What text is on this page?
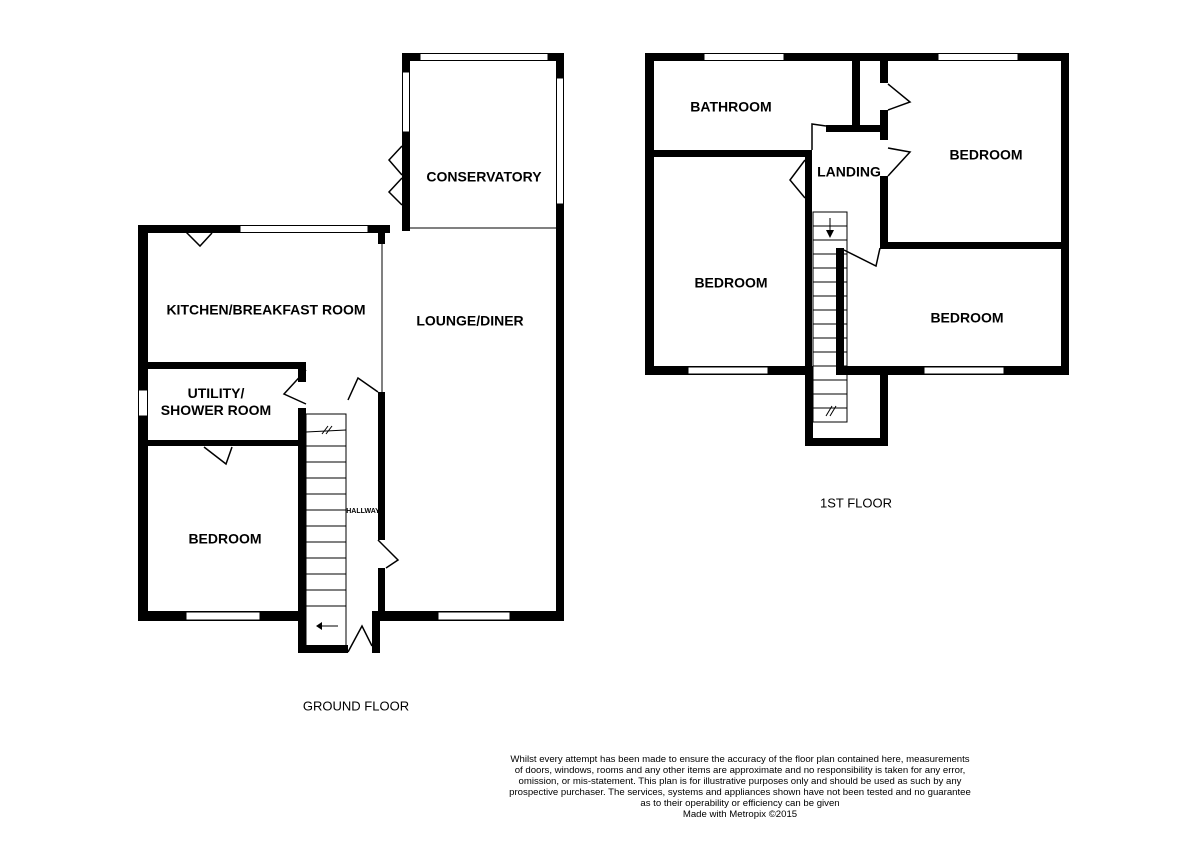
CONSERVATORY

KITCHEN/BREAKFAST ROOM

LOUNGE/DINER

UTILITY/
SHOWER ROOM

BEDROOM

HALLWAY

GROUND FLOOR

BATHROOM

LANDING

BEDROOM

BEDROOM

BEDROOM

1ST FLOOR

Whilst every attempt has been made to ensure the accuracy of the floor plan contained here, measurements
of doors, windows, rooms and any other items are approximate and no responsibility is taken for any error,
omission, or mis-statement. This plan is for illustrative purposes only and should be used as such by any
prospective purchaser. The services, systems and appliances shown have not been tested and no guarantee
as to their operability or efficiency can be given
Made with Metropix ©2015
